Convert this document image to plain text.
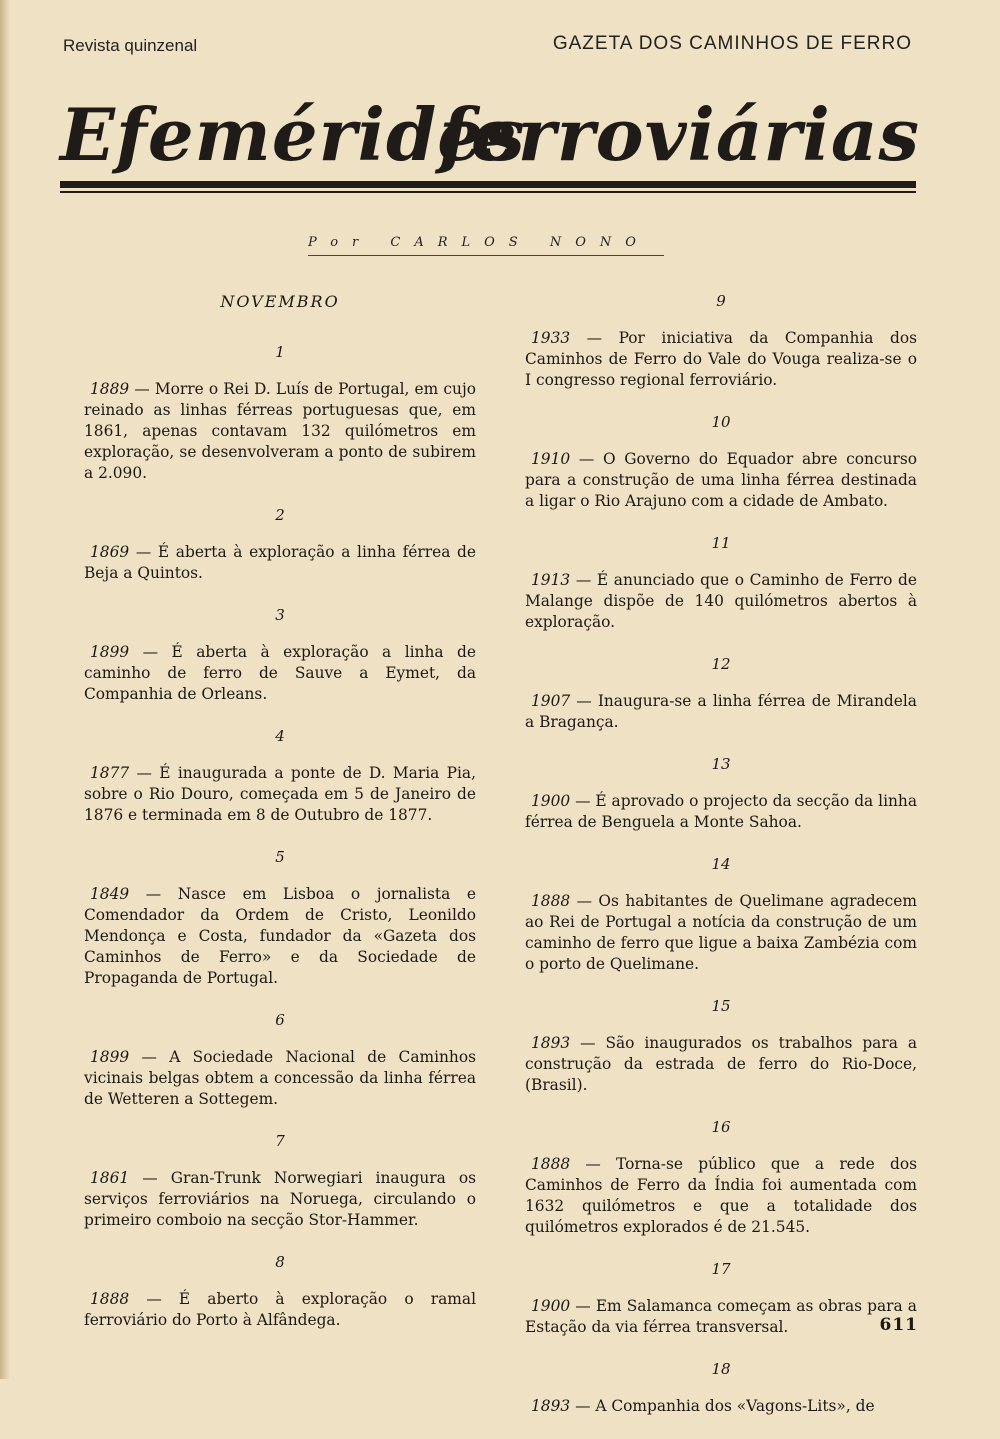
Revista quinzenal	GAZETA DOS CAMINHOS DE FERRO
Efemérides
ferroviárias
Por CARLOS NONO
NOVEMBRO
1

1889 — Morre o Rei D. Luís de Portugal, em cujo reinado as linhas férreas portuguesas que, em 1861, apenas contavam 132 quilómetros em exploração, se desenvolveram a ponto de subirem a 2.090.

2

1869 — É aberta à exploração a linha férrea de Beja a Quintos.

3

1899 — É aberta à exploração a linha de caminho de ferro de Sauve a Eymet, da Companhia de Orleans.

4

1877 — É inaugurada a ponte de D. Maria Pia, sobre o Rio Douro, começada em 5 de Janeiro de 1876 e terminada em 8 de Outubro de 1877.

5

1849 — Nasce em Lisboa o jornalista e Comendador da Ordem de Cristo, Leonildo Mendonça e Costa, fundador da «Gazeta dos Caminhos de Ferro» e da Sociedade de Propaganda de Portugal.

6

1899 — A Sociedade Nacional de Caminhos vicinais belgas obtem a concessão da linha férrea de Wetteren a Sottegem.

7

1861 — Gran-Trunk Norwegiari inaugura os serviços ferroviários na Noruega, circulando o primeiro comboio na secção Stor-Hammer.

8

1888 — É aberto à exploração o ramal ferroviário do Porto à Alfândega.

9

1933 — Por iniciativa da Companhia dos Caminhos de Ferro do Vale do Vouga realiza-se o I congresso regional ferroviário.

10

1910 — O Governo do Equador abre concurso para a construção de uma linha férrea destinada a ligar o Rio Arajuno com a cidade de Ambato.

11

1913 — É anunciado que o Caminho de Ferro de Malange dispõe de 140 quilómetros abertos à exploração.

12

1907 — Inaugura-se a linha férrea de Mirandela a Bragança.

13

1900 — É aprovado o projecto da secção da linha férrea de Benguela a Monte Sahoa.

14

1888 — Os habitantes de Quelimane agradecem ao Rei de Portugal a notícia da construção de um caminho de ferro que ligue a baixa Zambézia com o porto de Quelimane.

15

1893 — São inaugurados os trabalhos para a construção da estrada de ferro do Rio-Doce, (Brasil).

16

1888 — Torna-se público que a rede dos Caminhos de Ferro da Índia foi aumentada com 1632 quilómetros e que a totalidade dos quilómetros explorados é de 21.545.

17

1900 — Em Salamanca começam as obras para a Estação da via férrea transversal.

18

1893 — A Companhia dos «Vagons-Lits», de

611
